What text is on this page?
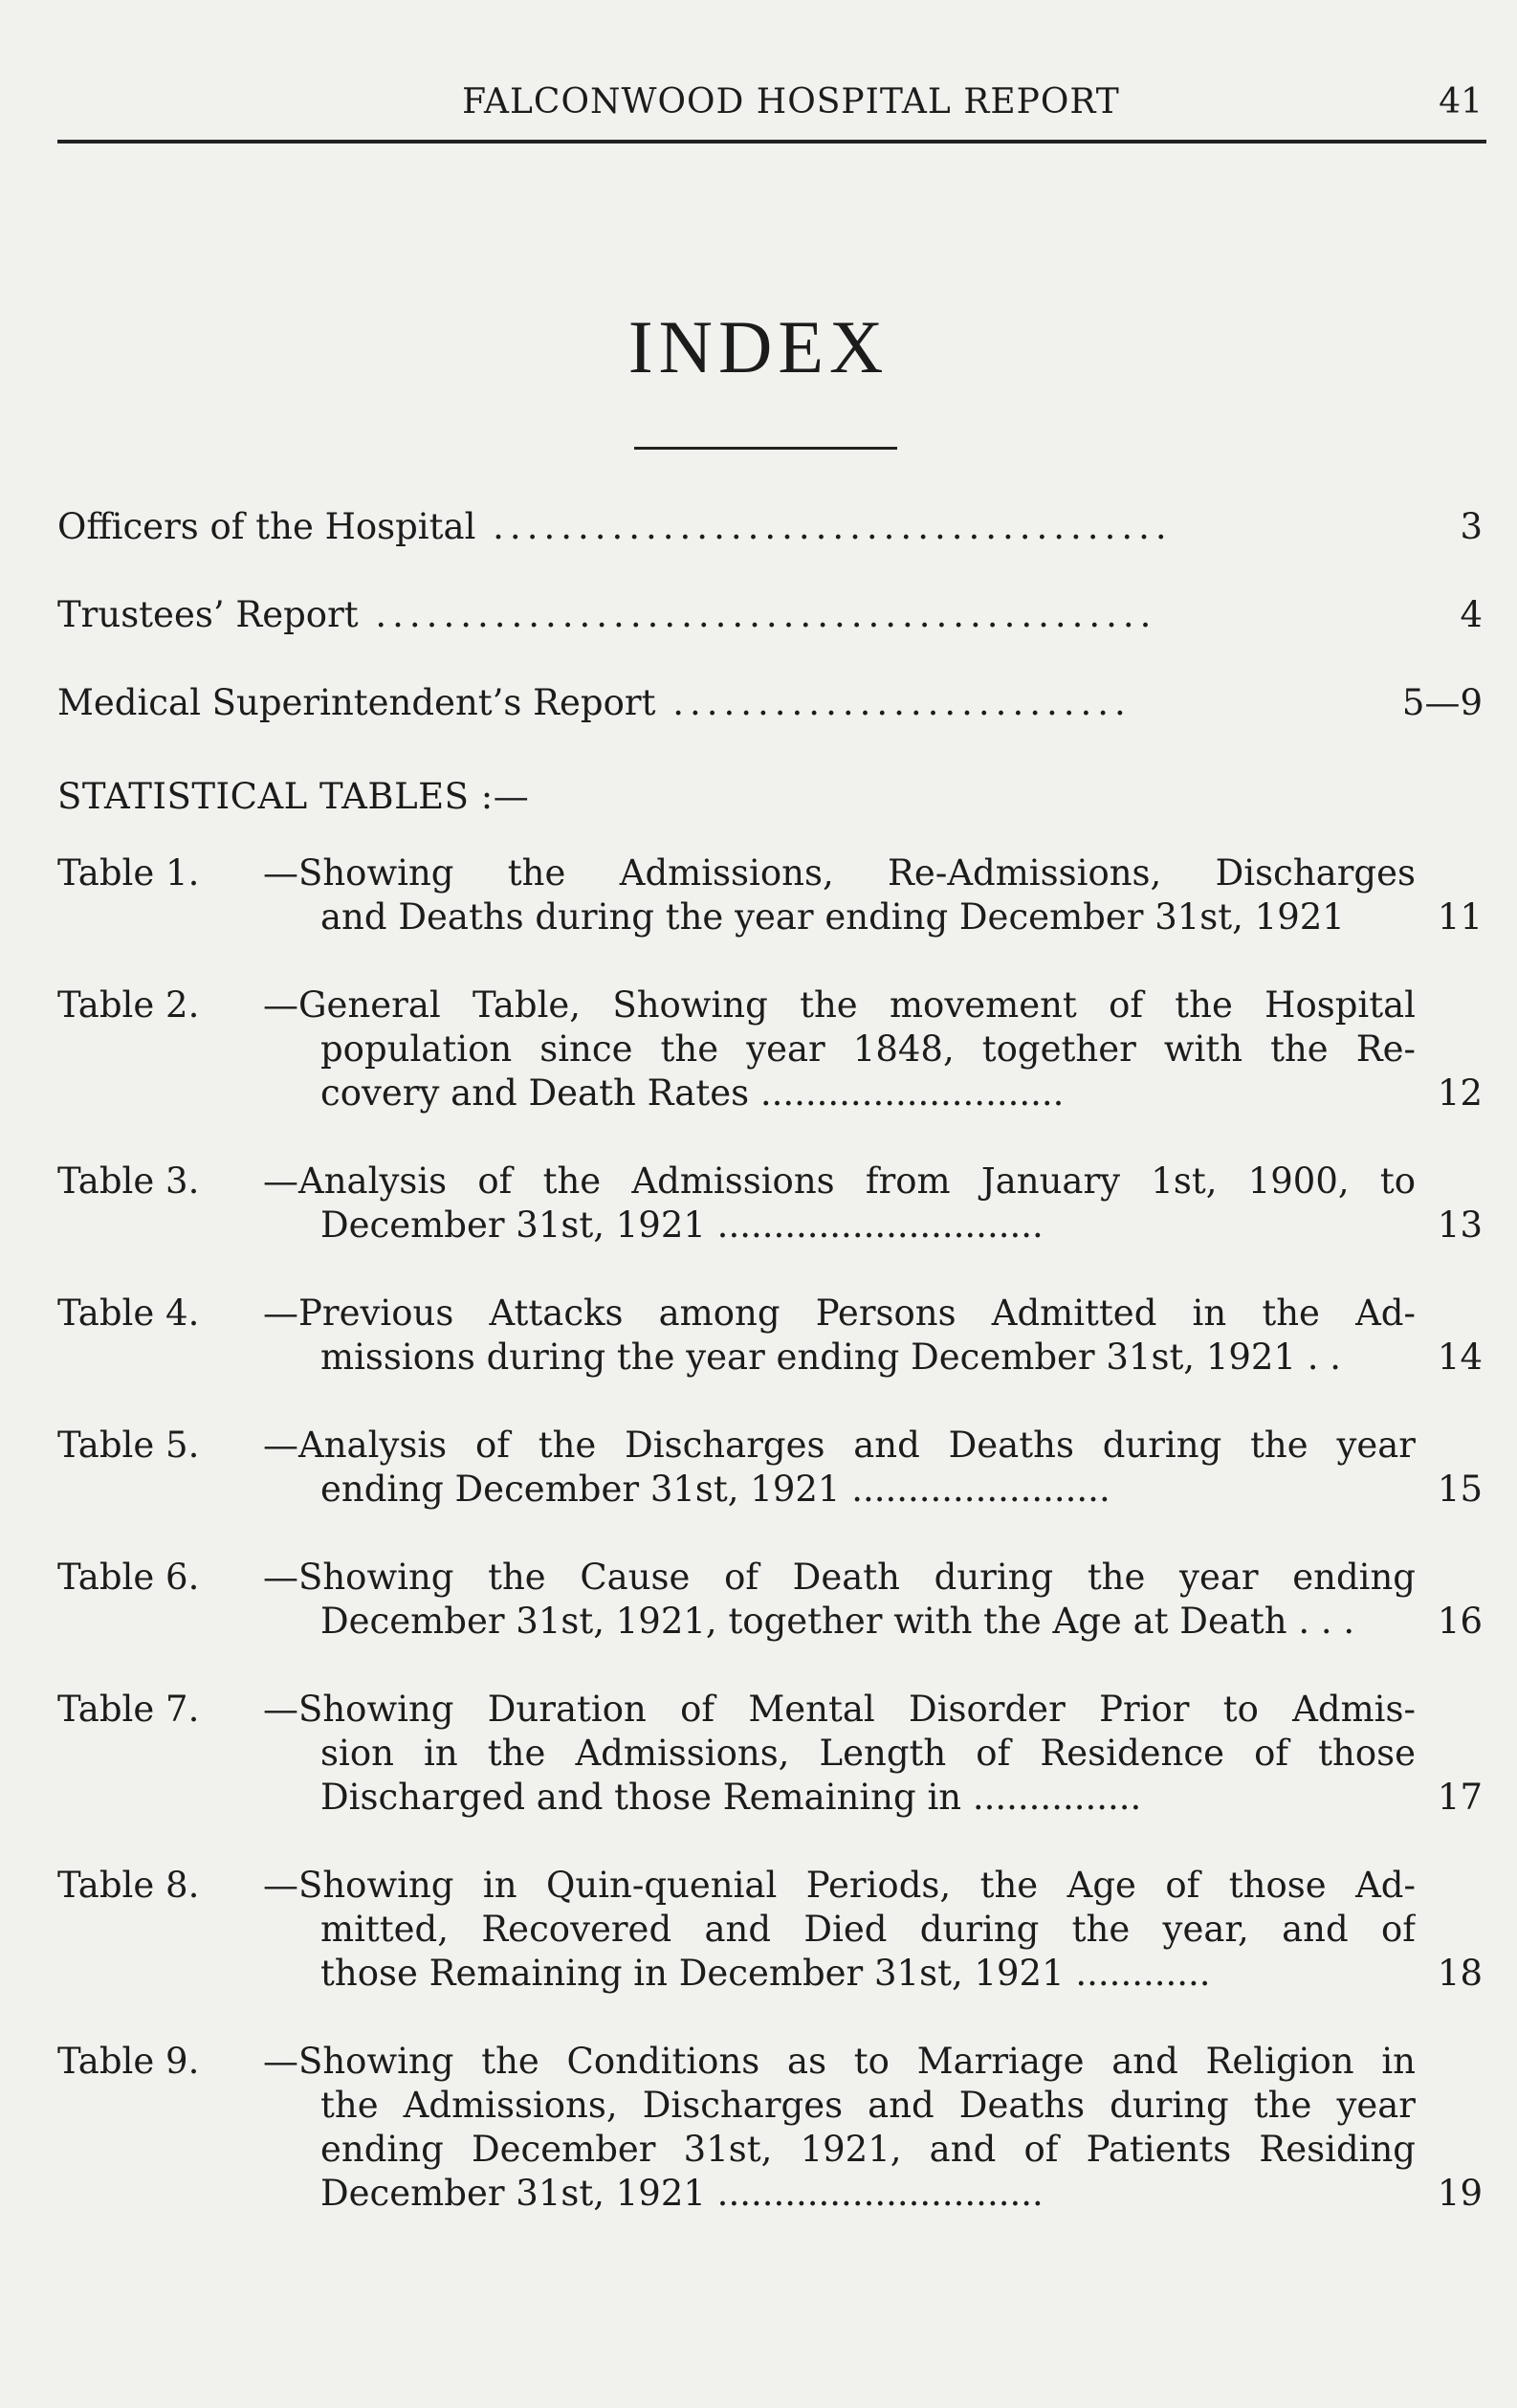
FALCONWOOD HOSPITAL REPORT	41
INDEX
Officers of the Hospital ........................................	3
Trustees’ Report ..............................................	4
Medical Superintendent’s Report ...........................	5—9
STATISTICAL TABLES :—
Table 1.	—Showing the Admissions, Re-Admissions, Discharges
and Deaths during the year ending December 31st, 1921	11
Table 2.	—General Table, Showing the movement of the Hospital
population since the year 1848, together with the Re-
covery and Death Rates ...........................	12
Table 3.	—Analysis of the Admissions from January 1st, 1900, to
December 31st, 1921 .............................	13
Table 4.	—Previous Attacks among Persons Admitted in the Ad-
missions during the year ending December 31st, 1921 . .	14
Table 5.	—Analysis of the Discharges and Deaths during the year
ending December 31st, 1921 .......................	15
Table 6.	—Showing the Cause of Death during the year ending
December 31st, 1921, together with the Age at Death . . .	16
Table 7.	—Showing Duration of Mental Disorder Prior to Admis-
sion in the Admissions, Length of Residence of those
Discharged and those Remaining in ...............	17
Table 8.	—Showing in Quin-quenial Periods, the Age of those Ad-
mitted, Recovered and Died during the year, and of
those Remaining in December 31st, 1921 ............	18
Table 9.	—Showing the Conditions as to Marriage and Religion in
the Admissions, Discharges and Deaths during the year
ending December 31st, 1921, and of Patients Residing
December 31st, 1921 .............................	19
